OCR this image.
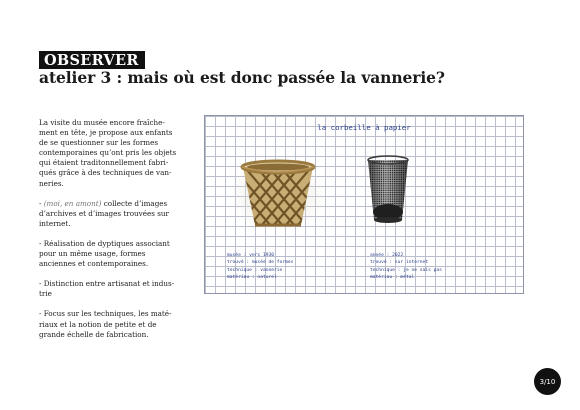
OBSERVER
atelier 3 : mais où est donc passée la vannerie?

La visite du musée encore fraîche-ment en tête, je propose aux enfants de se questionner sur les formes contemporaines qu’ont pris les objets qui étaient traditonnellement fabri-qués grâce à des techniques de van-neries.

- (moi, en amont) collecte d’images d’archives et d’images trouvées sur internet.

- Réalisation de dyptiques associant pour un même usage, formes anciennes et contemporaines.

- Distinction entre artisanat et indus-trie

- Focus sur les techniques, les maté-riaux et la notion de petite et de grande échelle de fabrication.

la corbeille à papier
musée : vers 1930
trouvé : musée de formes
technique : vannerie
matériau : naturel
année : 2022
trouvé : sur internet
technique : je ne sais pas
matériau : métal
3/10
